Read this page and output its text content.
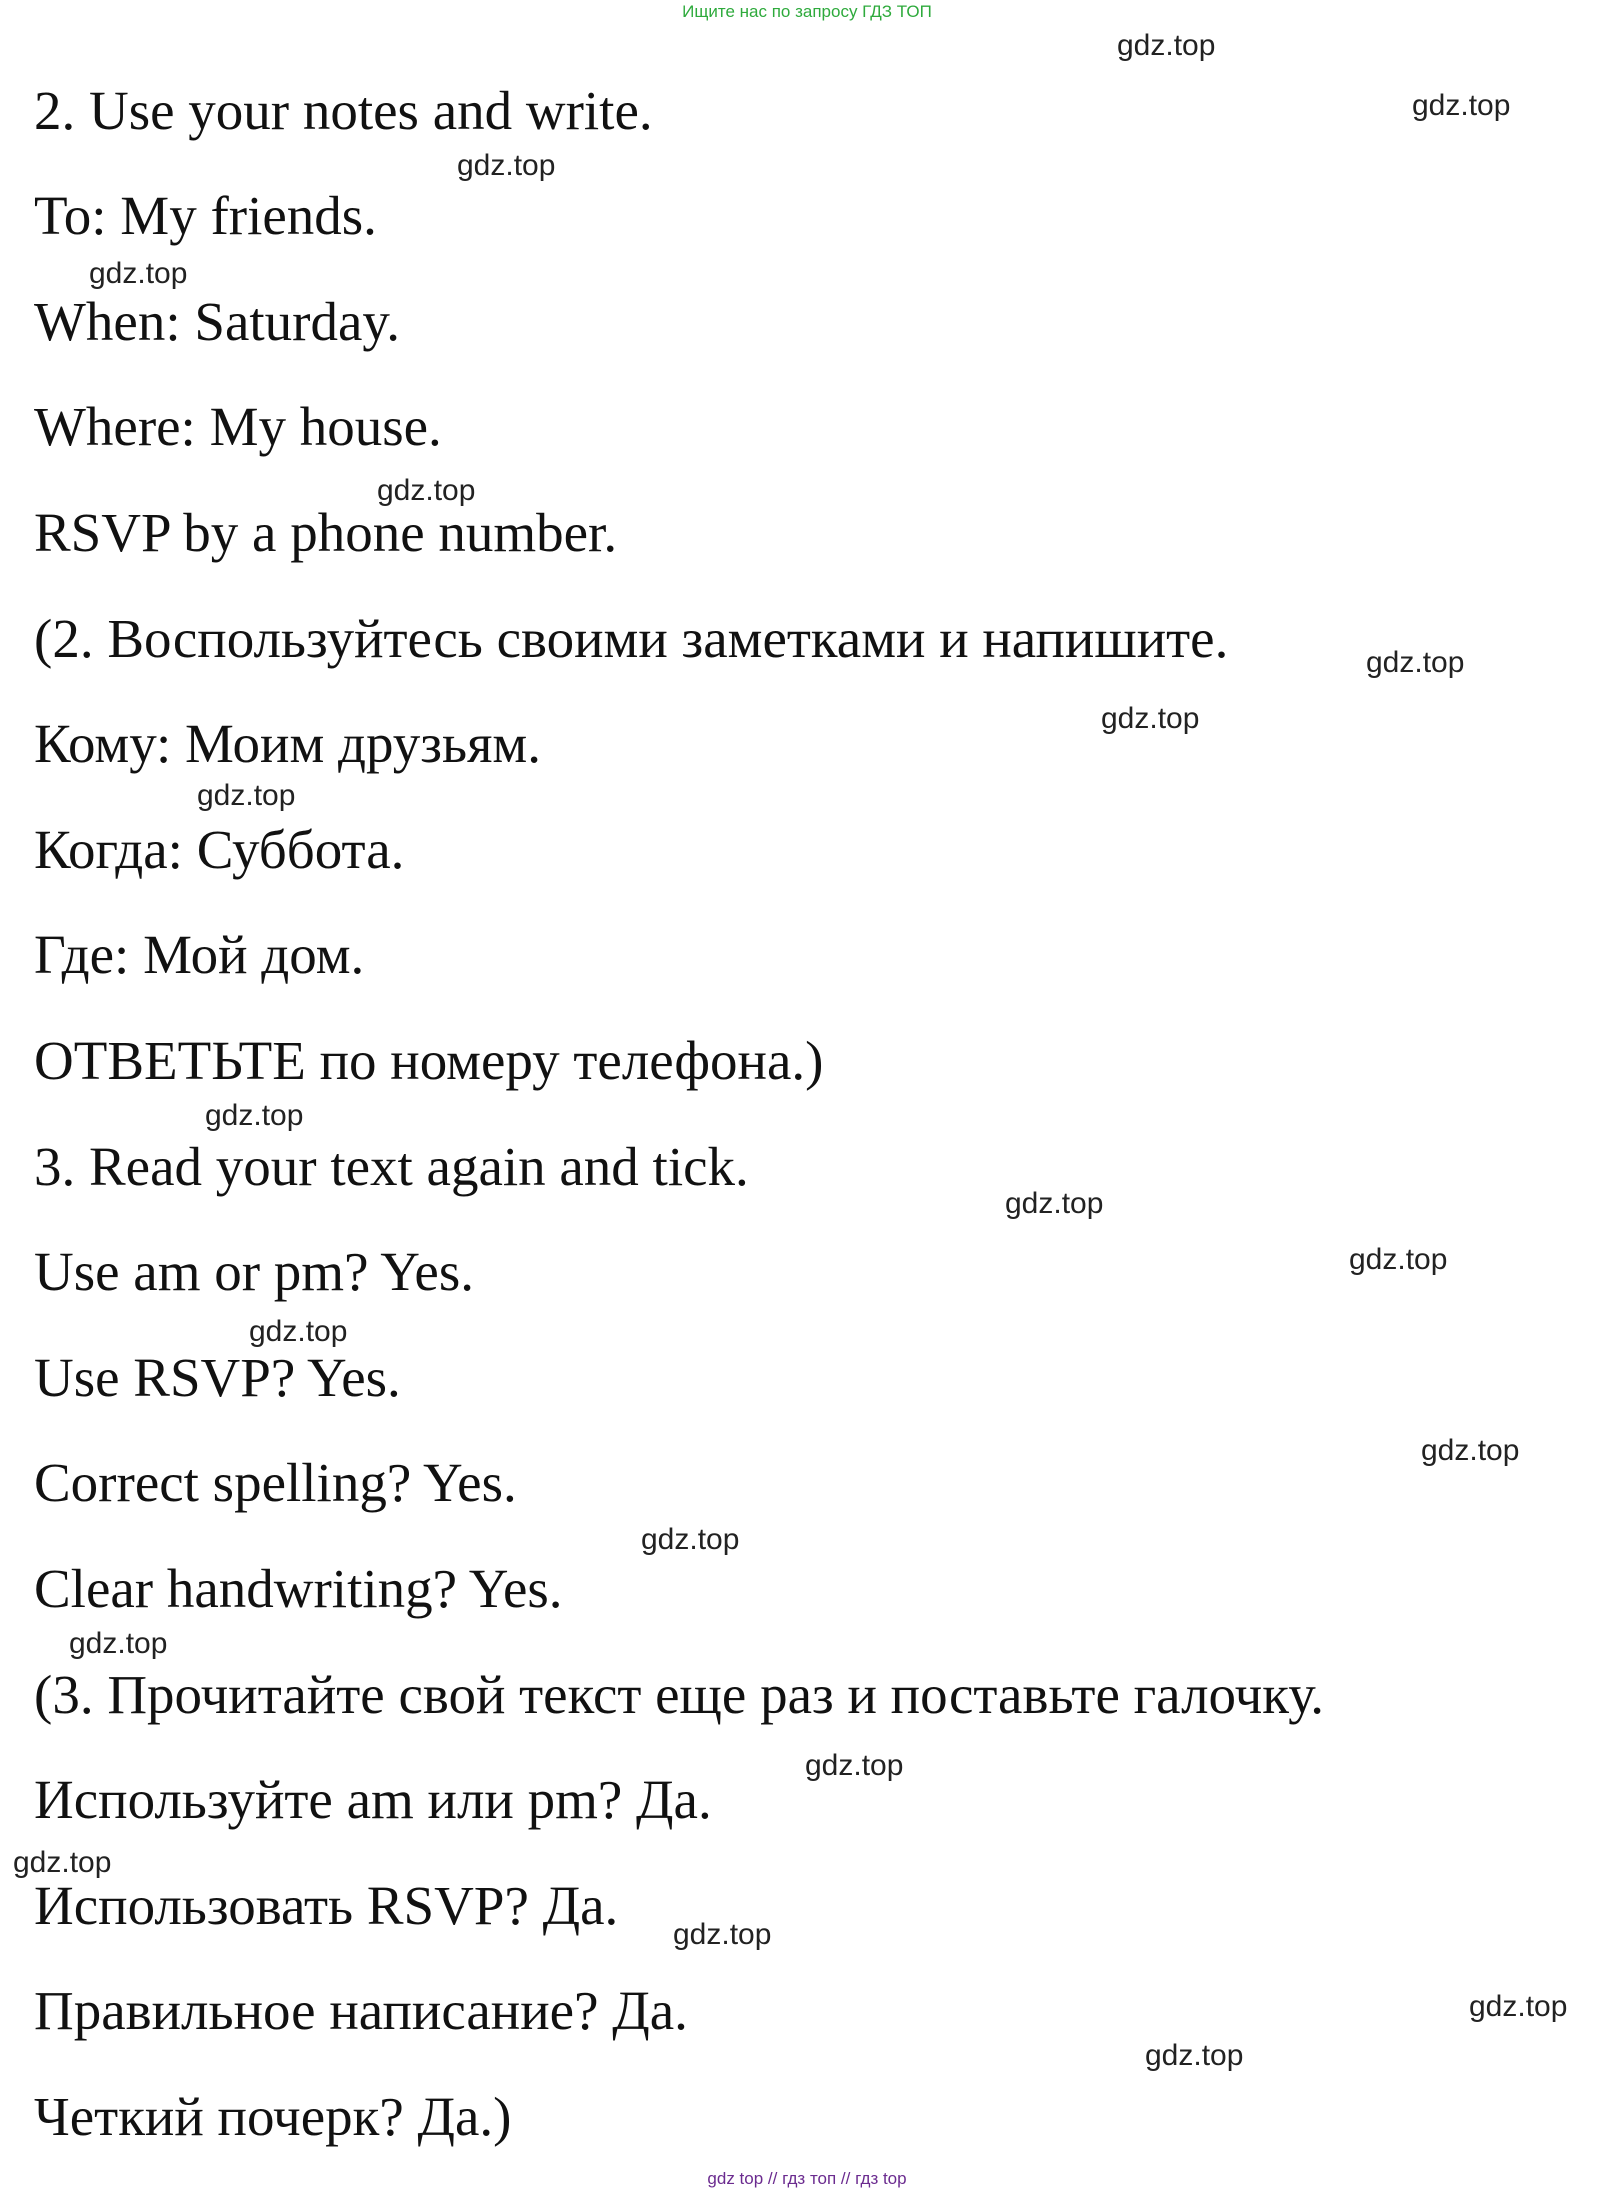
Ищите нас по запросу ГДЗ ТОП

2. Use your notes and write.

To: My friends.

When: Saturday.

Where: My house.

RSVP by a phone number.

(2. Воспользуйтесь своими заметками и напишите.

Кому: Моим друзьям.

Когда: Суббота.

Где: Мой дом.

ОТВЕТЬТЕ по номеру телефона.)

3. Read your text again and tick.

Use am or pm? Yes.

Use RSVP? Yes.

Correct spelling? Yes.

Clear handwriting? Yes.

(3. Прочитайте свой текст еще раз и поставьте галочку.

Используйте am или pm? Да.

Использовать RSVP? Да.

Правильное написание? Да.

Четкий почерк? Да.)

gdz.top
gdz.top
gdz.top
gdz.top
gdz.top
gdz.top
gdz.top
gdz.top
gdz.top
gdz.top
gdz.top
gdz.top
gdz.top
gdz.top
gdz.top
gdz.top
gdz.top
gdz.top
gdz.top
gdz.top
gdz top // гдз топ // гдз top
